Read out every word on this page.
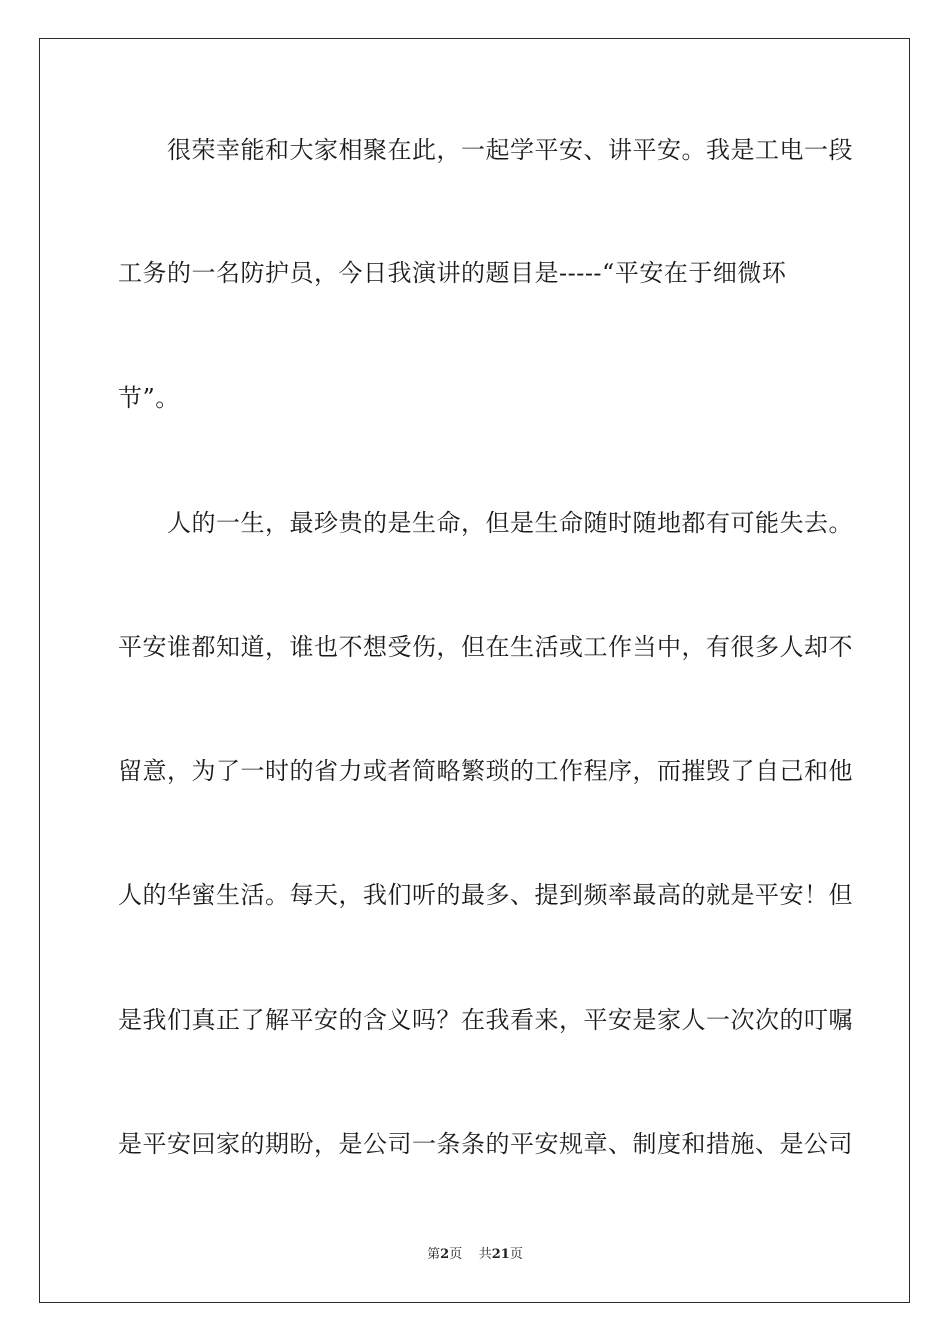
　　很荣幸能和大家相聚在此，一起学平安、讲平安。我是工电一段
工务的一名防护员，今日我演讲的题目是-----“平安在于细微环
节”。
　　人的一生，最珍贵的是生命，但是生命随时随地都有可能失去。
平安谁都知道，谁也不想受伤，但在生活或工作当中，有很多人却不
留意，为了一时的省力或者简略繁琐的工作程序，而摧毁了自己和他
人的华蜜生活。每天，我们听的最多、提到频率最高的就是平安！但
是我们真正了解平安的含义吗？在我看来，平安是家人一次次的叮嘱
是平安回家的期盼，是公司一条条的平安规章、制度和措施、是公司
第2页 共21页
